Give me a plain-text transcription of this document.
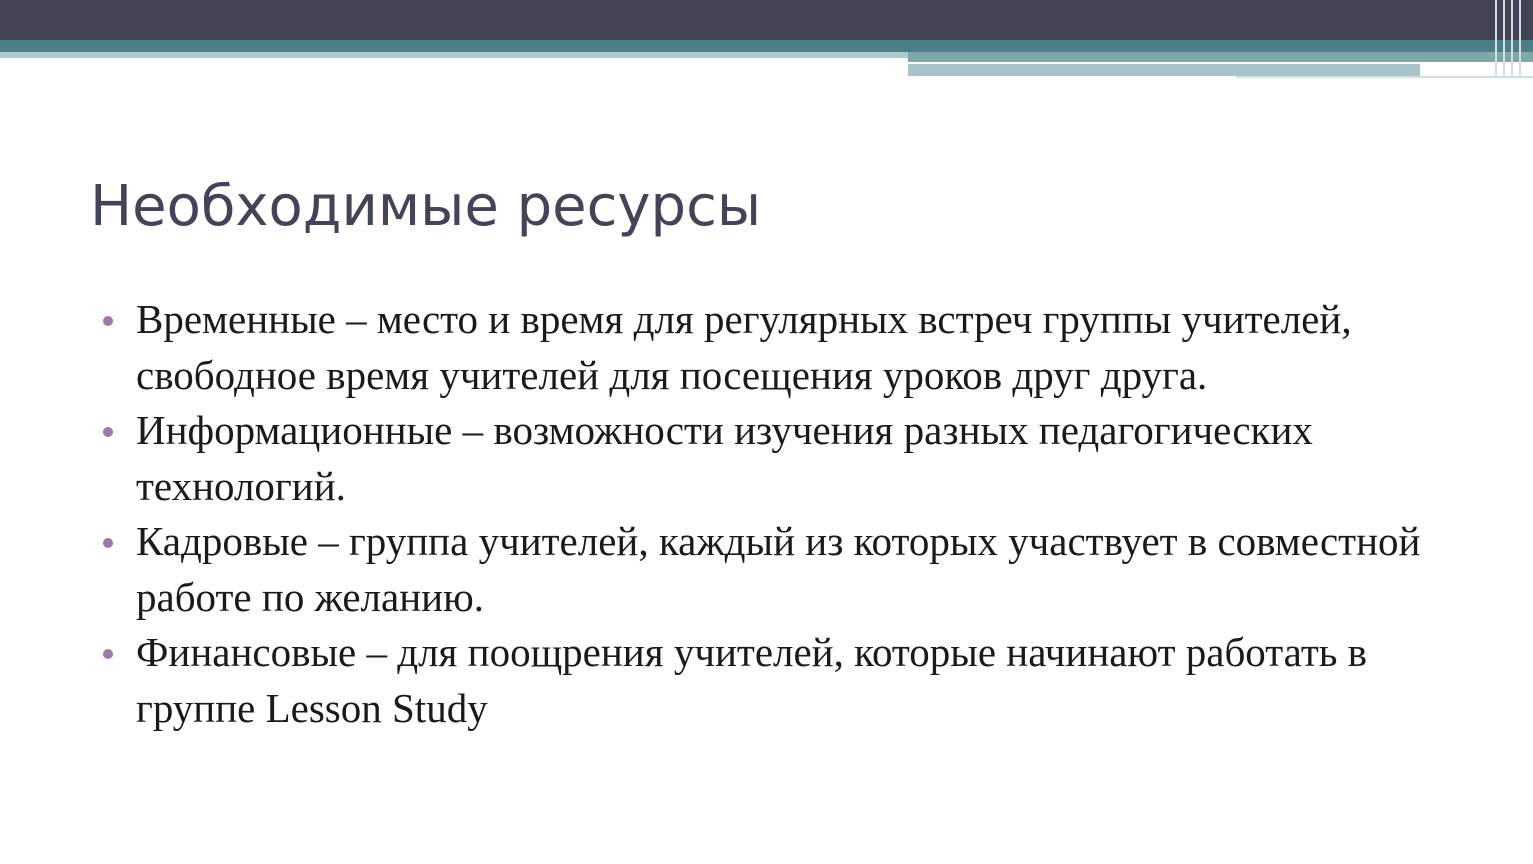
Необходимые ресурсы
Временные – место и время для регулярных встреч группы учителей, свободное время учителей для посещения уроков друг друга.
Информационные – возможности изучения разных педагогических технологий.
Кадровые – группа учителей, каждый из которых участвует в совместной работе по желанию.
Финансовые – для поощрения учителей, которые начинают работать в группе Lesson Study
